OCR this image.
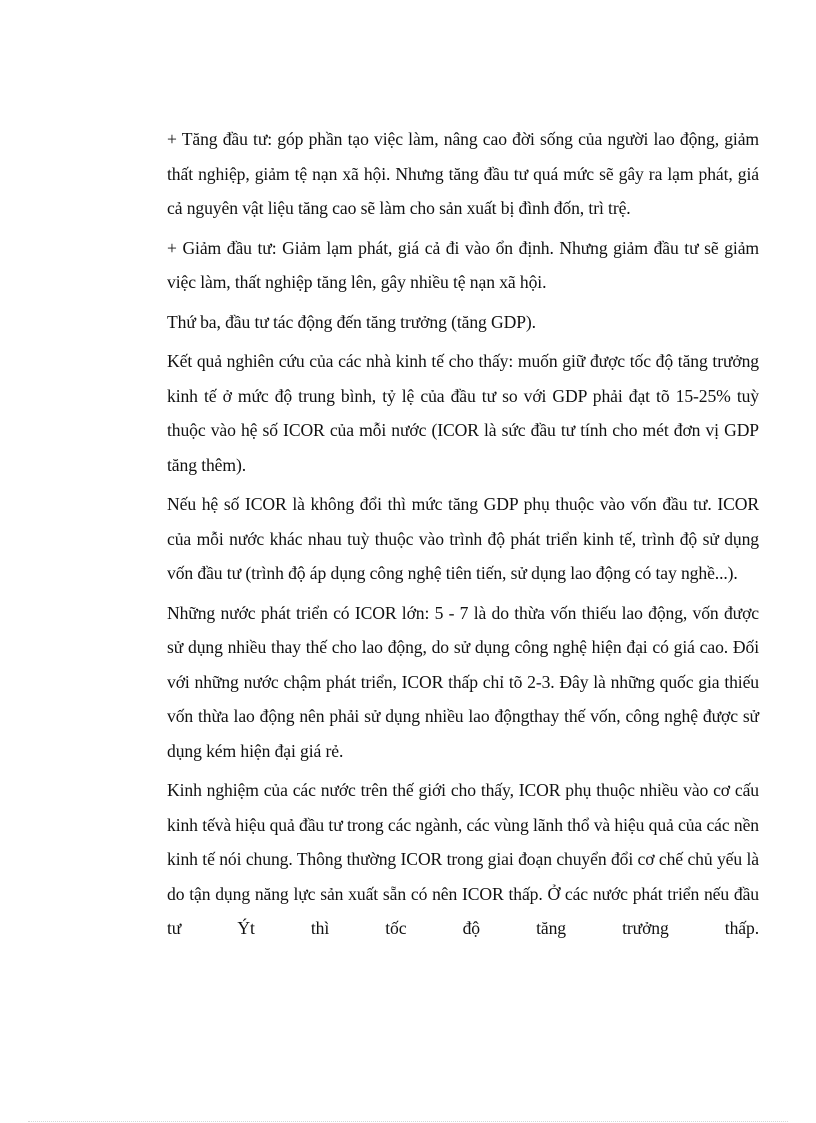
+ Tăng đầu tư: góp phần tạo việc làm, nâng cao đời sống của người lao động, giảm thất nghiệp, giảm tệ nạn xã hội. Nhưng tăng đầu tư quá mức sẽ gây ra lạm phát, giá cả nguyên vật liệu tăng cao sẽ làm cho sản xuất bị đình đốn, trì trệ.

+ Giảm đầu tư: Giảm lạm phát, giá cả đi vào ổn định. Nhưng giảm đầu tư sẽ giảm việc làm, thất nghiệp tăng lên, gây nhiều tệ nạn xã hội.

Thứ ba, đầu tư tác động đến tăng trưởng (tăng GDP).

Kết quả nghiên cứu của các nhà kinh tế cho thấy: muốn giữ được tốc độ tăng trưởng kinh tế ở mức độ trung bình, tỷ lệ của đầu tư so với GDP phải đạt tõ 15-25% tuỳ thuộc vào hệ số ICOR của mỗi nước (ICOR là sức đầu tư tính cho mét đơn vị GDP tăng thêm).

Nếu hệ số ICOR là không đổi thì mức tăng GDP phụ thuộc vào vốn đầu tư. ICOR của mỗi nước khác nhau tuỳ thuộc vào trình độ phát triển kinh tế, trình độ sử dụng vốn đầu tư (trình độ áp dụng công nghệ tiên tiến, sử dụng lao động có tay nghề...).

Những nước phát triển có ICOR lớn: 5 - 7 là do thừa vốn thiếu lao động, vốn được sử dụng nhiều thay thế cho lao động, do sử dụng công nghệ hiện đại có giá cao. Đối với những nước chậm phát triển, ICOR thấp chỉ tõ 2-3. Đây là những quốc gia thiếu vốn thừa lao động nên phải sử dụng nhiều lao độngthay thế vốn, công nghệ được sử dụng kém hiện đại giá rẻ.

Kinh nghiệm của các nước trên thế giới cho thấy, ICOR phụ thuộc nhiều vào cơ cấu kinh tếvà hiệu quả đầu tư trong các ngành, các vùng lãnh thổ và hiệu quả của các nền kinh tế nói chung. Thông thường ICOR trong giai đoạn chuyển đổi cơ chế chủ yếu là do tận dụng năng lực sản xuất sẵn có nên ICOR thấp. Ở các nước phát triển nếu đầu tư Ýt thì tốc độ tăng trưởng thấp.
